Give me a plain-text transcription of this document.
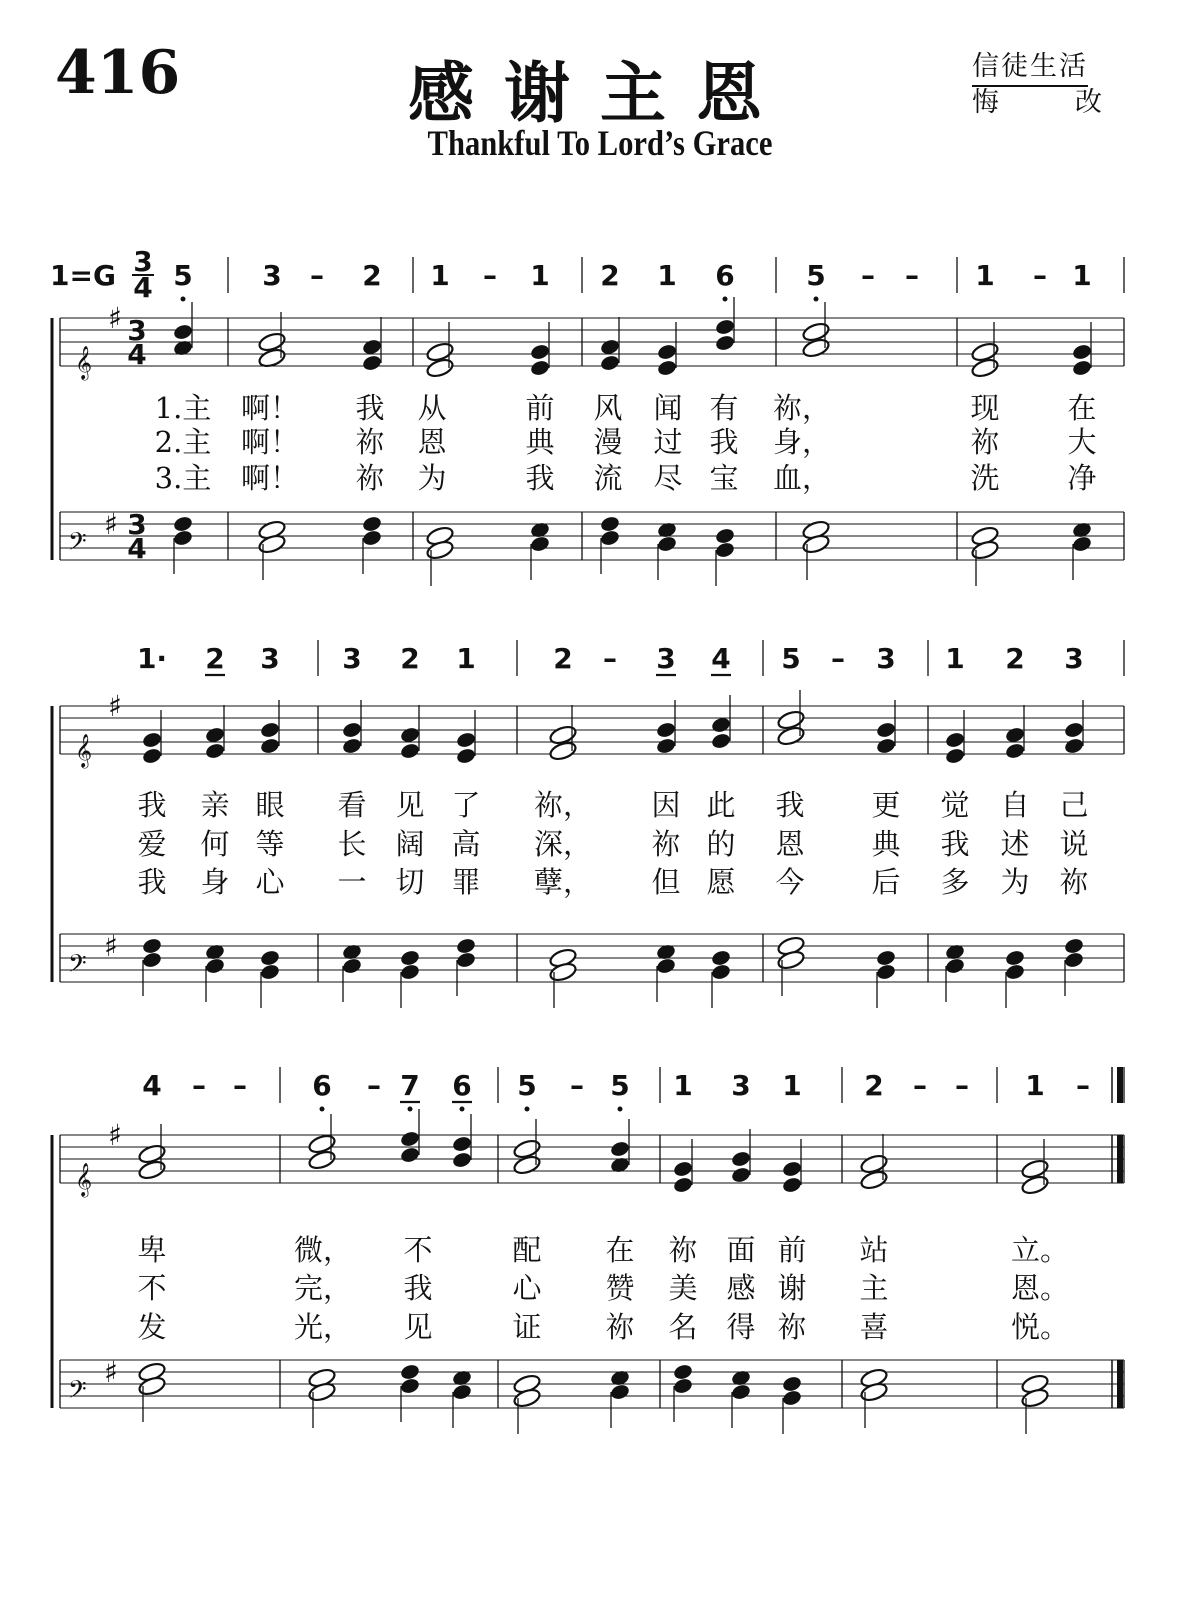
416	感谢主恩
Thankful To Lord’s Grace
信徒生活
悔	改
1=G 3
4 5 3 – 2 1 – 1 2 1 6	5 – – 1 – 1
1.主 啊！ 我 从	前 风 闻 有 祢，	现 在
2.主 啊！ 祢 恩	典 漫 过 我 身，	祢 大
3.主 啊！ 祢 为	我 流 尽 宝 血，	洗 净
𝄞
𝄢
♯
♯
3
4
3
4
1· 2 3 3 2 1	2 – 3 4 5 – 3 1 2 3
我 亲 眼 看 见 了 祢， 因 此 我 更 觉 自 己
爱 何 等 长 阔 高 深， 祢 的 恩 典 我 述 说
我 身 心 一 切 罪 孽， 但 愿 今 后 多 为 祢
𝄞
𝄢
♯
♯
4 – – 6 – 7 6 5 – 5 1 3 1 2 – – 1 –
卑	微， 不	配 在 祢 面 前 站	立。
不	完， 我	心 赞 美 感 谢 主	恩。
发	光， 见	证 祢 名 得 祢 喜	悦。
𝄞
𝄢
♯
♯
